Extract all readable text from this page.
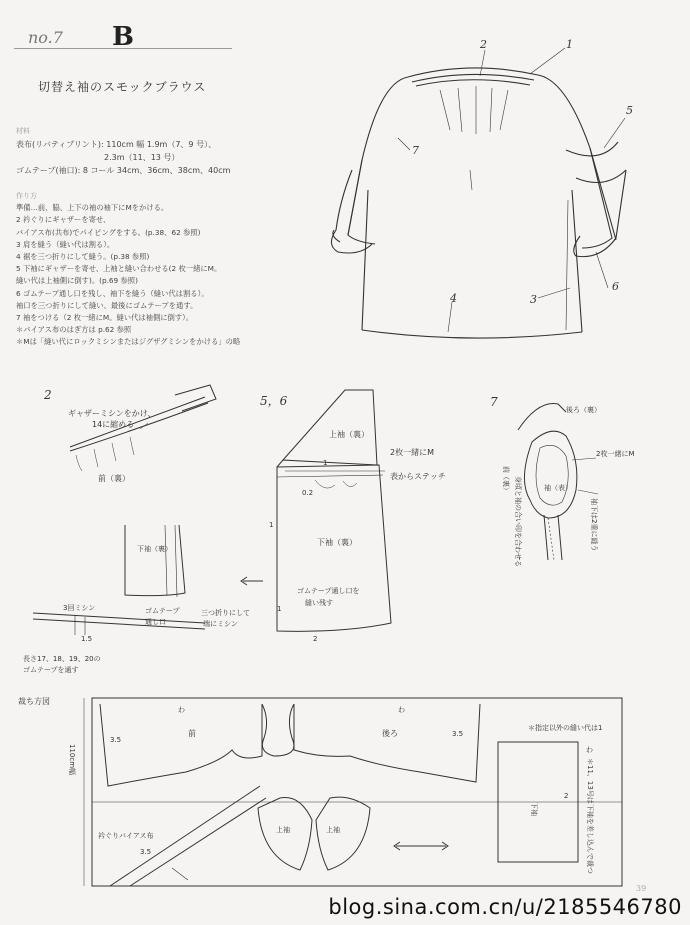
no.7 B
切替え袖のスモックブラウス
材料
表布(リバティプリント): 110cm 幅 1.9m（7、9 号）、
2.3m（11、13 号）
ゴムテープ(袖口): 8 コール 34cm、36cm、38cm、40cm
作り方
準備…前、脇、上下の袖の袖下にMをかける。
2 衿ぐりにギャザーを寄せ、
バイアス布(共布)でパイピングをする。(p.38、62 参照)
3 肩を縫う（縫い代は割る）。
4 裾を三つ折りにして縫う。(p.38 参照)
5 下袖にギャザーを寄せ、上袖と縫い合わせる(2 枚一緒にM。
縫い代は上袖側に倒す)。(p.69 参照)
6 ゴムテープ通し口を残し、袖下を縫う（縫い代は割る）。
袖口を三つ折りにして縫い、最後にゴムテープを通す。
7 袖をつける（2 枚一緒にM。縫い代は袖側に倒す）。
＊バイアス布のはぎ方は p.62 参照
＊Mは「縫い代にロックミシンまたはジグザグミシンをかける」の略
2	1
5
7
6
3
4
2
ギャザーミシンをかけ、
14に縮める
前（裏）
5，6
上袖（裏）
2枚一緒にM
表からステッチ
1
0.2
1
下袖（裏）
ゴムテープ通し口を
縫い残す
1
2
下袖（裏）
ゴムテープ
通し口
三つ折りにして
端にミシン
3回ミシン
1.5
長さ17、18、19、20の
ゴムテープを通す
7
後ろ（裏）
2枚一緒にM
袖（表）
前（裏） 身頃と袖の合い印を合わせる	袖下は2重に縫う
裁ち方図
110cm幅
わ	わ
わ
前	後ろ
3.5
3.5
3.5
2
上袖	上袖
下袖
衿ぐりバイアス布
＊指定以外の縫い代は1
＊11、13号は下袖を差し込んで裁つ
39
blog.sina.com.cn/u/2185546780
